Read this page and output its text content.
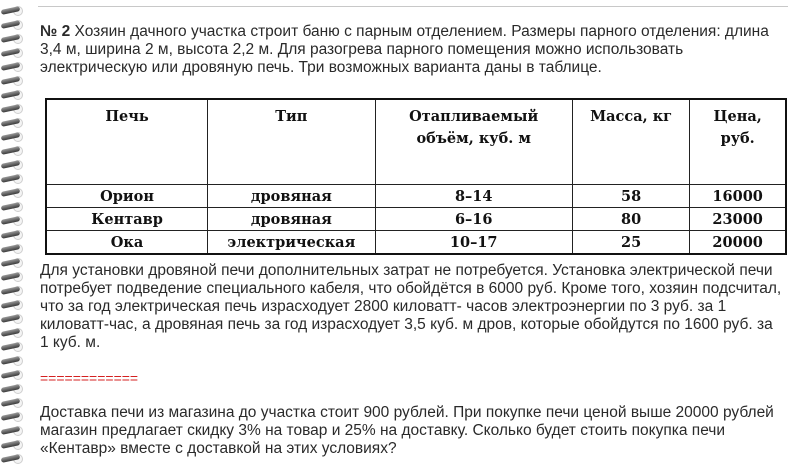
№ 2 Хозяин дачного участка строит баню с парным отделением. Размеры парного отделения: длина 3,4 м, ширина 2 м, высота 2,2 м. Для разогрева парного помещения можно использовать электрическую или дровяную печь. Три возможных варианта даны в таблице.
Печь	Тип	Отапливаемый объём, куб. м	Масса, кг	Цена, руб.
Орион	дровяная	8–14	58	16000
Кентавр	дровяная	6–16	80	23000
Ока	электрическая	10–17	25	20000
Для установки дровяной печи дополнительных затрат не потребуется. Установка электрической печи потребует подведение специального кабеля, что обойдётся в 6000 руб. Кроме того, хозяин подсчитал, что за год электрическая печь израсходует 2800 киловатт- часов электроэнергии по 3 руб. за 1 киловатт-час, а дровяная печь за год израсходует 3,5 куб. м дров, которые обойдутся по 1600 руб. за 1 куб. м.
============
Доставка печи из магазина до участка стоит 900 рублей. При покупке печи ценой выше 20000 рублей магазин предлагает скидку 3% на товар и 25% на доставку. Сколько будет стоить покупка печи «Кентавр» вместе с доставкой на этих условиях?
